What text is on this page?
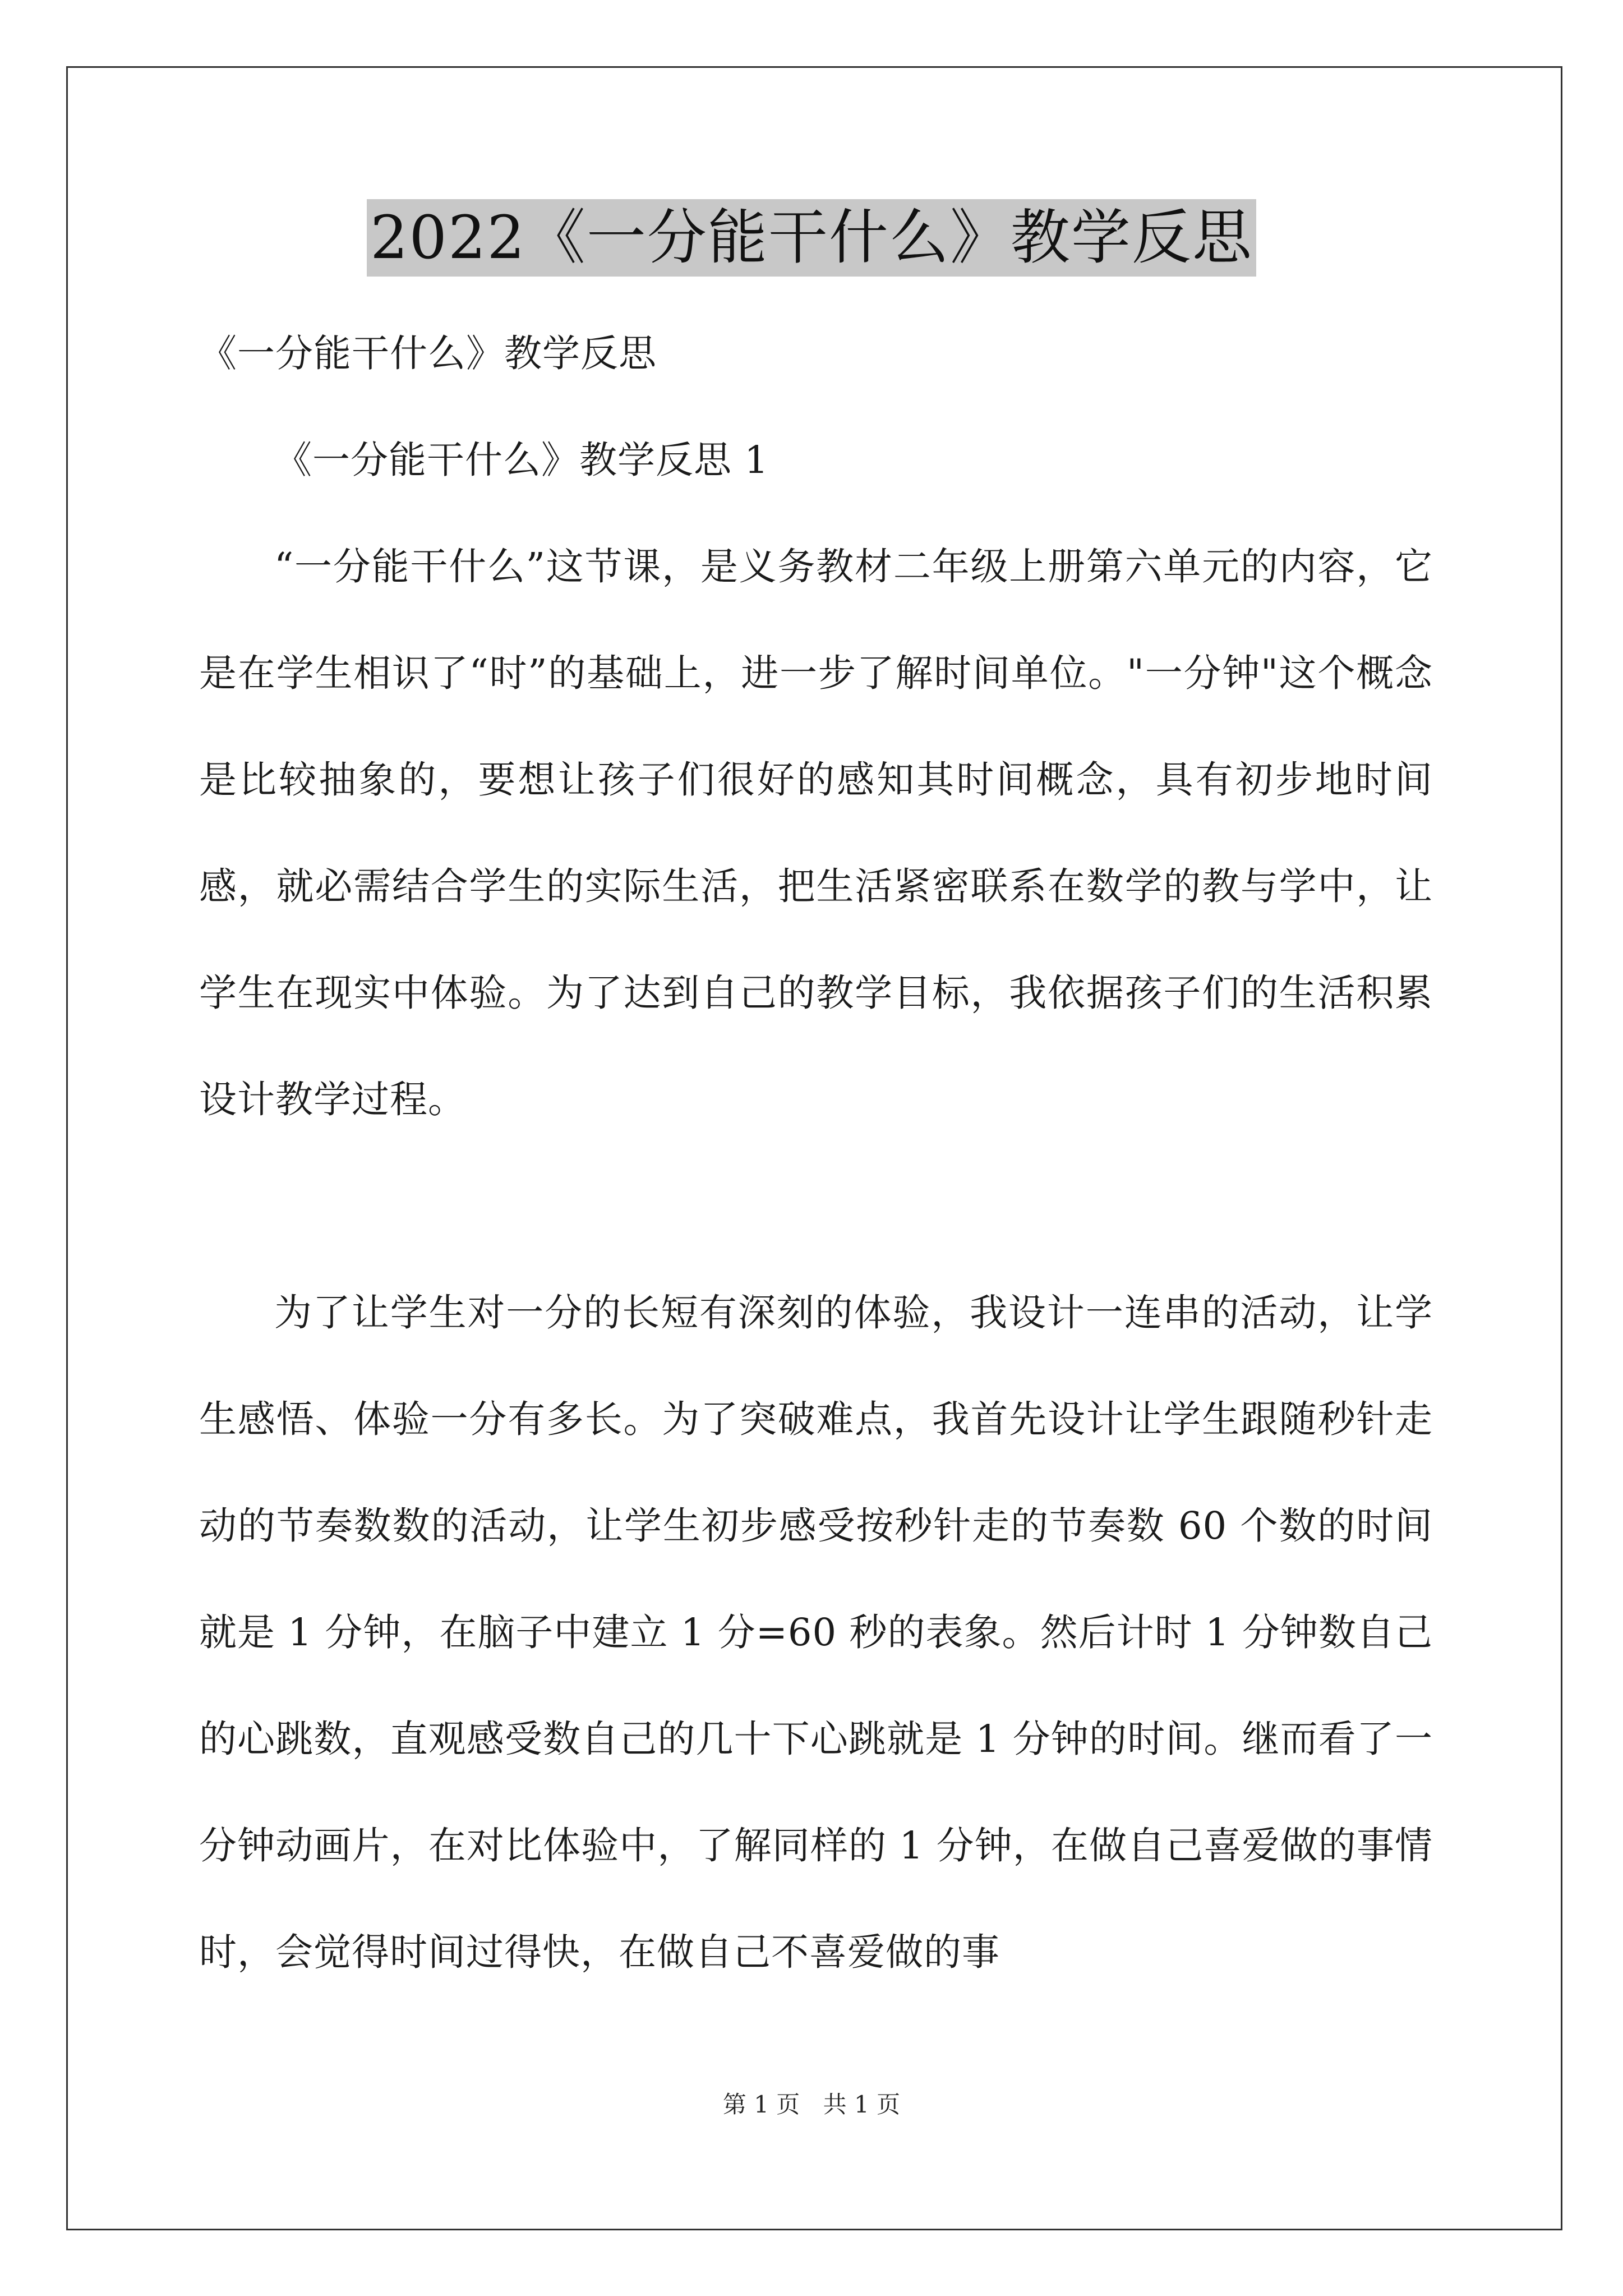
2022《一分能干什么》教学反思

《一分能干什么》教学反思

《一分能干什么》教学反思 1

“一分能干什么”这节课，是义务教材二年级上册第六单元的内容，它是在学生相识了“时”的基础上，进一步了解时间单位。"一分钟"这个概念是比较抽象的，要想让孩子们很好的感知其时间概念，具有初步地时间感，就必需结合学生的实际生活，把生活紧密联系在数学的教与学中，让学生在现实中体验。为了达到自己的教学目标，我依据孩子们的生活积累设计教学过程。

为了让学生对一分的长短有深刻的体验，我设计一连串的活动，让学生感悟、体验一分有多长。为了突破难点，我首先设计让学生跟随秒针走动的节奏数数的活动，让学生初步感受按秒针走的节奏数 60 个数的时间就是 1 分钟，在脑子中建立 1 分=60 秒的表象。然后计时 1 分钟数自己的心跳数，直观感受数自己的几十下心跳就是 1 分钟的时间。继而看了一分钟动画片，在对比体验中，了解同样的 1 分钟，在做自己喜爱做的事情时，会觉得时间过得快，在做自己不喜爱做的事

第 1 页 共 1 页
